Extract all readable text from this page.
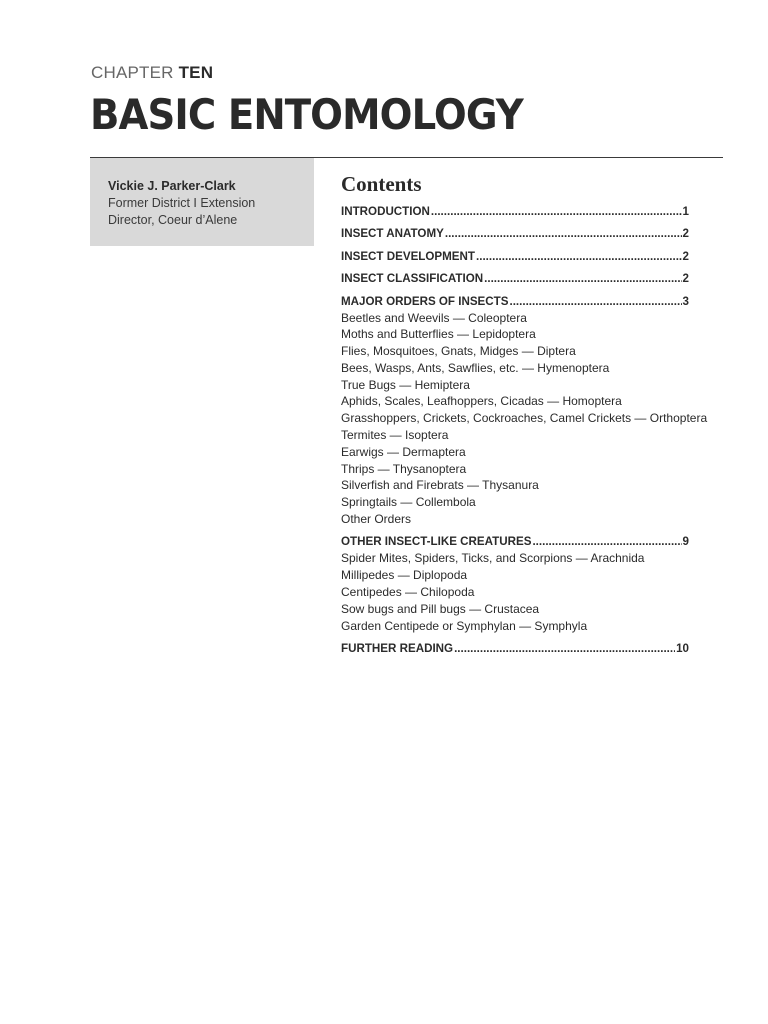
CHAPTER TEN
BASIC ENTOMOLOGY
Vickie J. Parker-Clark
Former District I Extension
Director, Coeur d’Alene
Contents
INTRODUCTION .....	1
INSECT ANATOMY .....	2
INSECT DEVELOPMENT .....	2
INSECT CLASSIFICATION .....	2
MAJOR ORDERS OF INSECTS .....	3
Beetles and Weevils — Coleoptera
Moths and Butterflies — Lepidoptera
Flies, Mosquitoes, Gnats, Midges — Diptera
Bees, Wasps, Ants, Sawflies, etc. — Hymenoptera
True Bugs — Hemiptera
Aphids, Scales, Leafhoppers, Cicadas — Homoptera
Grasshoppers, Crickets, Cockroaches, Camel Crickets — Orthoptera
Termites — Isoptera
Earwigs — Dermaptera
Thrips — Thysanoptera
Silverfish and Firebrats — Thysanura
Springtails — Collembola
Other Orders
OTHER INSECT-LIKE CREATURES .....	9
Spider Mites, Spiders, Ticks, and Scorpions — Arachnida
Millipedes — Diplopoda
Centipedes — Chilopoda
Sow bugs and Pill bugs — Crustacea
Garden Centipede or Symphylan — Symphyla
FURTHER READING .....	10
